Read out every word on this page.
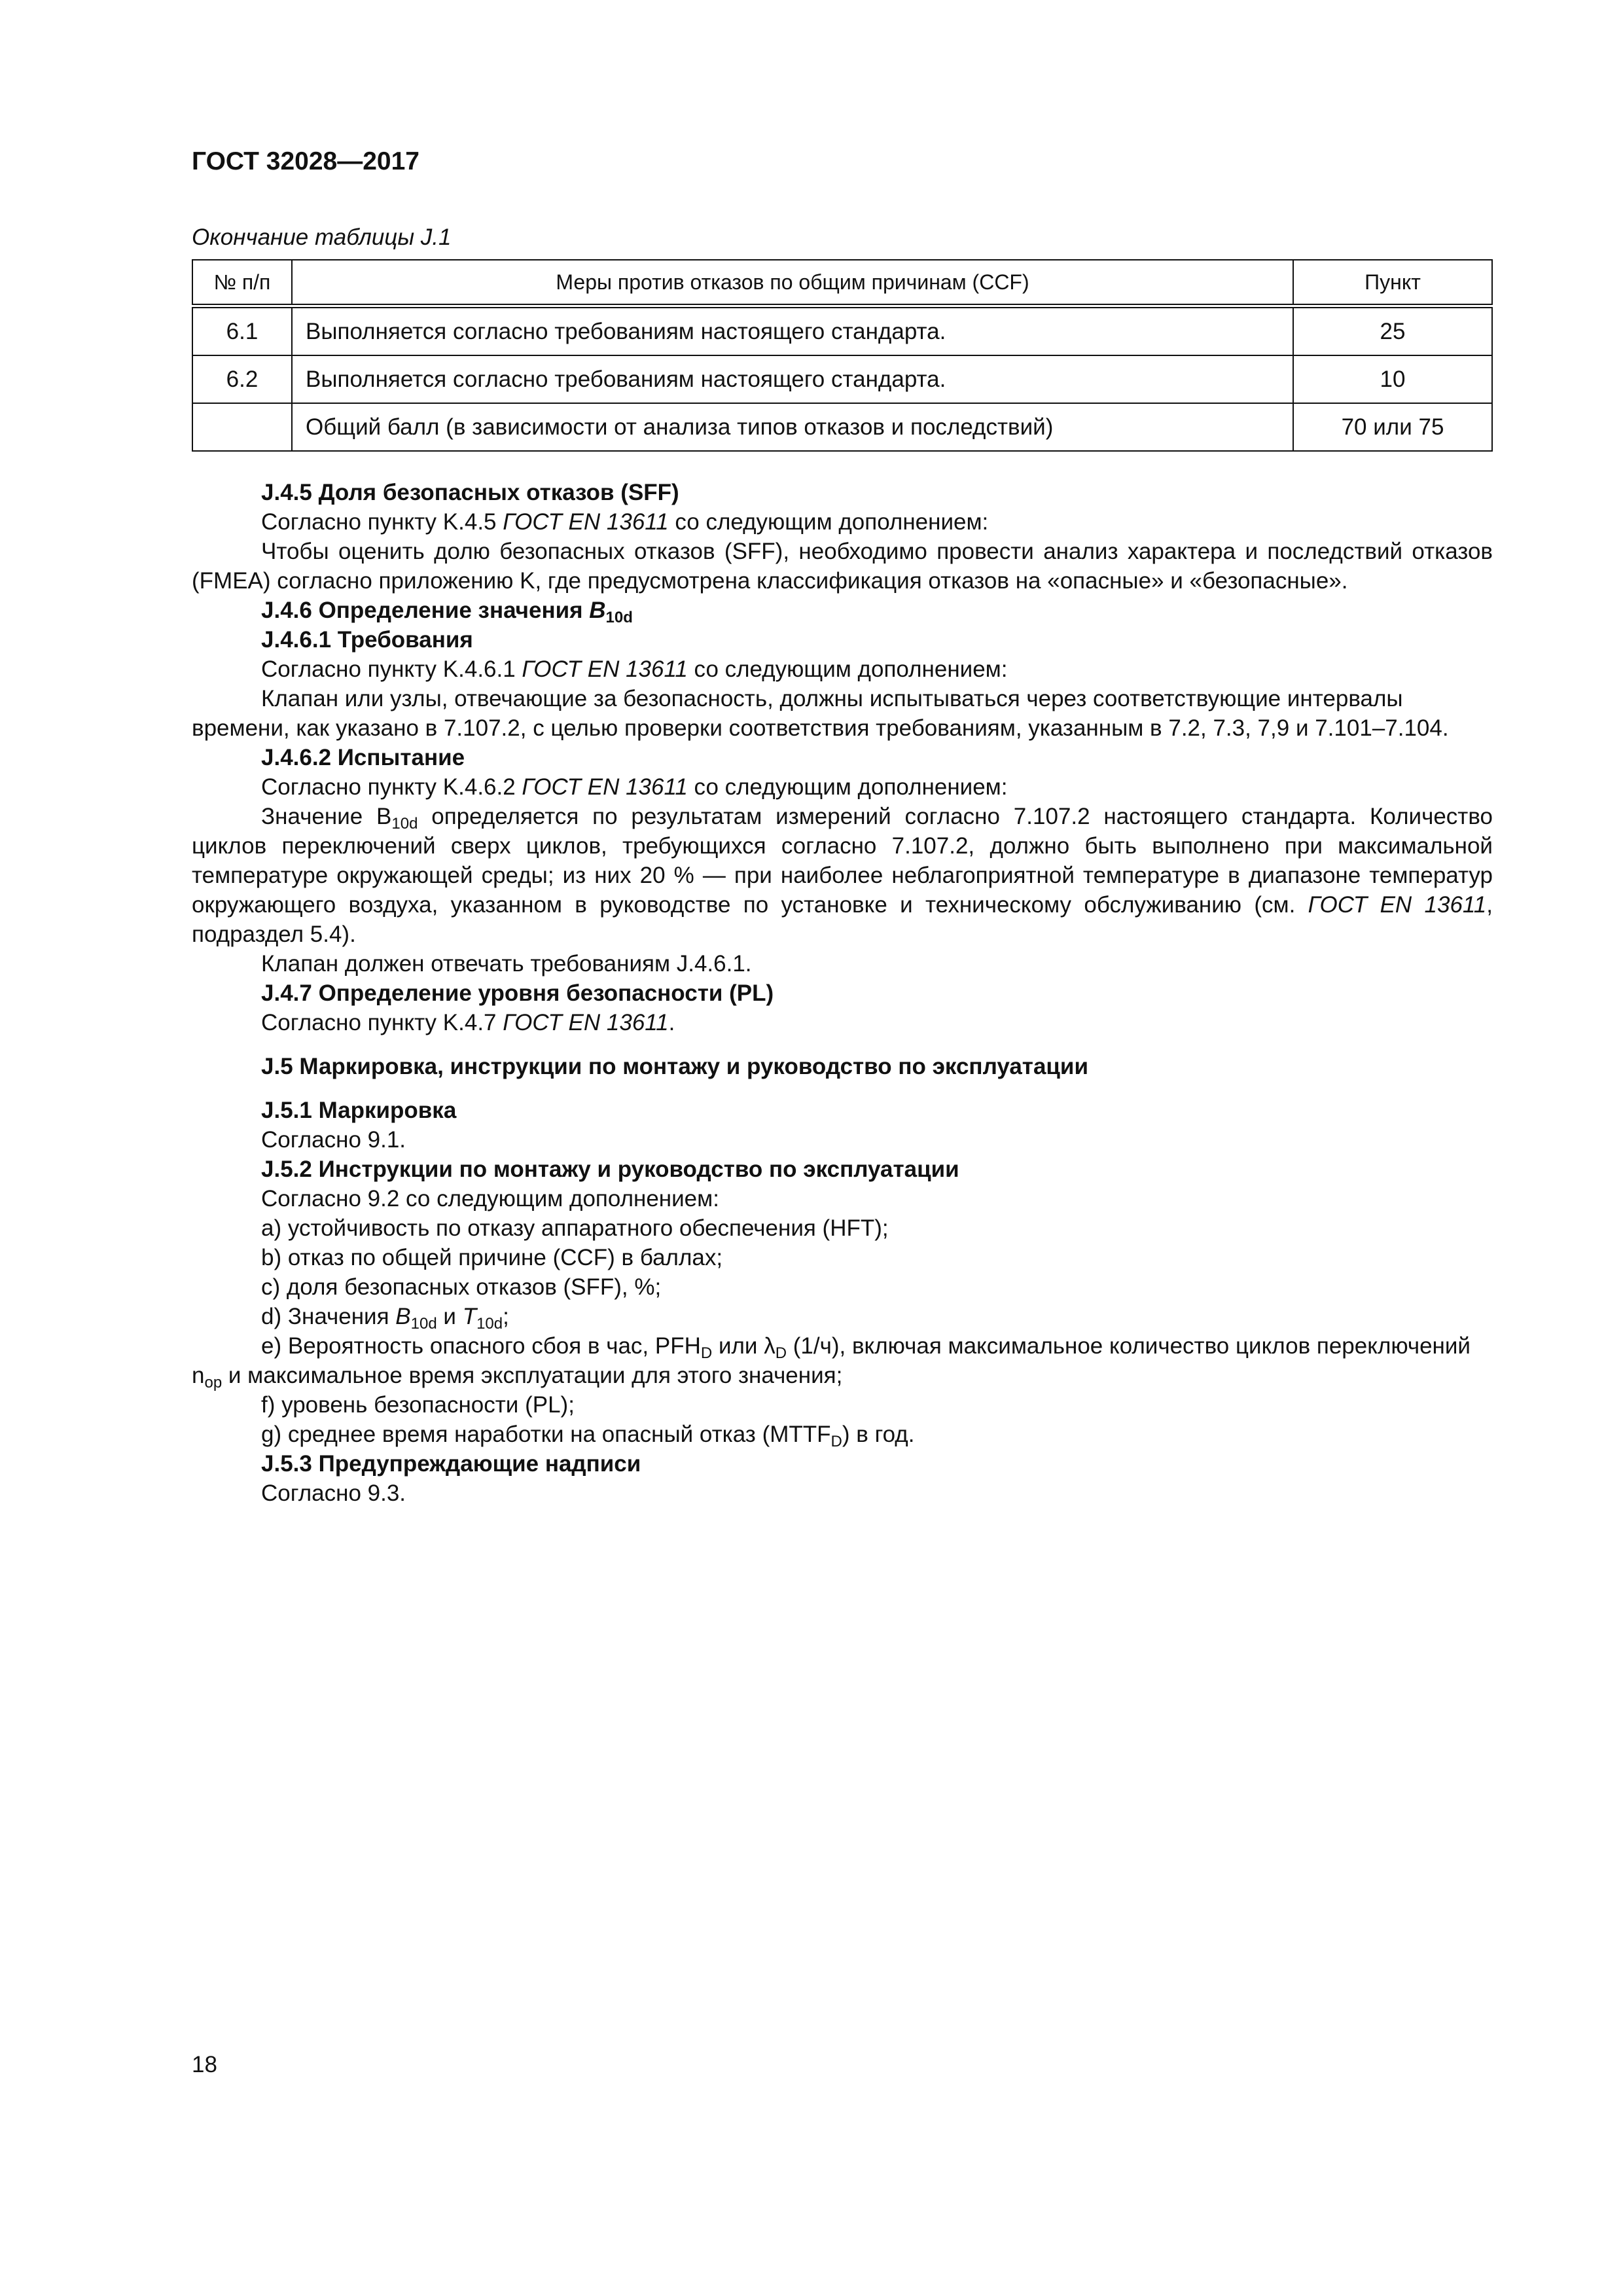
ГОСТ 32028—2017
Окончание таблицы J.1
№ п/п	Меры против отказов по общим причинам (CCF)	Пункт
6.1	Выполняется согласно требованиям настоящего стандарта.	25
6.2	Выполняется согласно требованиям настоящего стандарта.	10
	Общий балл (в зависимости от анализа типов отказов и последствий)	70 или 75

J.4.5 Доля безопасных отказов (SFF)

Согласно пункту K.4.5 ГОСТ EN 13611 со следующим дополнением:

Чтобы оценить долю безопасных отказов (SFF), необходимо провести анализ характера и последствий отказов (FMEA) согласно приложению K, где предусмотрена классификация отказов на «опасные» и «безопасные».

J.4.6 Определение значения $B_{10d}$

J.4.6.1 Требования

Согласно пункту K.4.6.1 ГОСТ EN 13611 со следующим дополнением:

Клапан или узлы, отвечающие за безопасность, должны испытываться через соответствующие интервалы времени, как указано в 7.107.2, с целью проверки соответствия требованиям, указанным в 7.2, 7.3, 7,9 и 7.101–7.104.

J.4.6.2 Испытание

Согласно пункту K.4.6.2 ГОСТ EN 13611 со следующим дополнением:

Значение $B_{10d}$ определяется по результатам измерений согласно 7.107.2 настоящего стандарта. Количество циклов переключений сверх циклов, требующихся согласно 7.107.2, должно быть выполнено при максимальной температуре окружающей среды; из них 20 % — при наиболее неблагоприятной температуре в диапазоне температур окружающего воздуха, указанном в руководстве по установке и техническому обслуживанию (см. ГОСТ EN 13611, подраздел 5.4).

Клапан должен отвечать требованиям J.4.6.1.

J.4.7 Определение уровня безопасности (PL)

Согласно пункту K.4.7 ГОСТ EN 13611.

J.5 Маркировка, инструкции по монтажу и руководство по эксплуатации

J.5.1 Маркировка

Согласно 9.1.

J.5.2 Инструкции по монтажу и руководство по эксплуатации

Согласно 9.2 со следующим дополнением:

a) устойчивость по отказу аппаратного обеспечения (HFT);

b) отказ по общей причине (CCF) в баллах;

c) доля безопасных отказов (SFF), %;

d) Значения $B_{10d}$ и $T_{10d}$;

e) Вероятность опасного сбоя в час, $PFH_D$ или $\lambda_D$ (1/ч), включая максимальное количество циклов переключений $n_{op}$ и максимальное время эксплуатации для этого значения;

f) уровень безопасности (PL);

g) среднее время наработки на опасный отказ $(MTTF_D)$ в год.

J.5.3 Предупреждающие надписи

Согласно 9.3.

18
